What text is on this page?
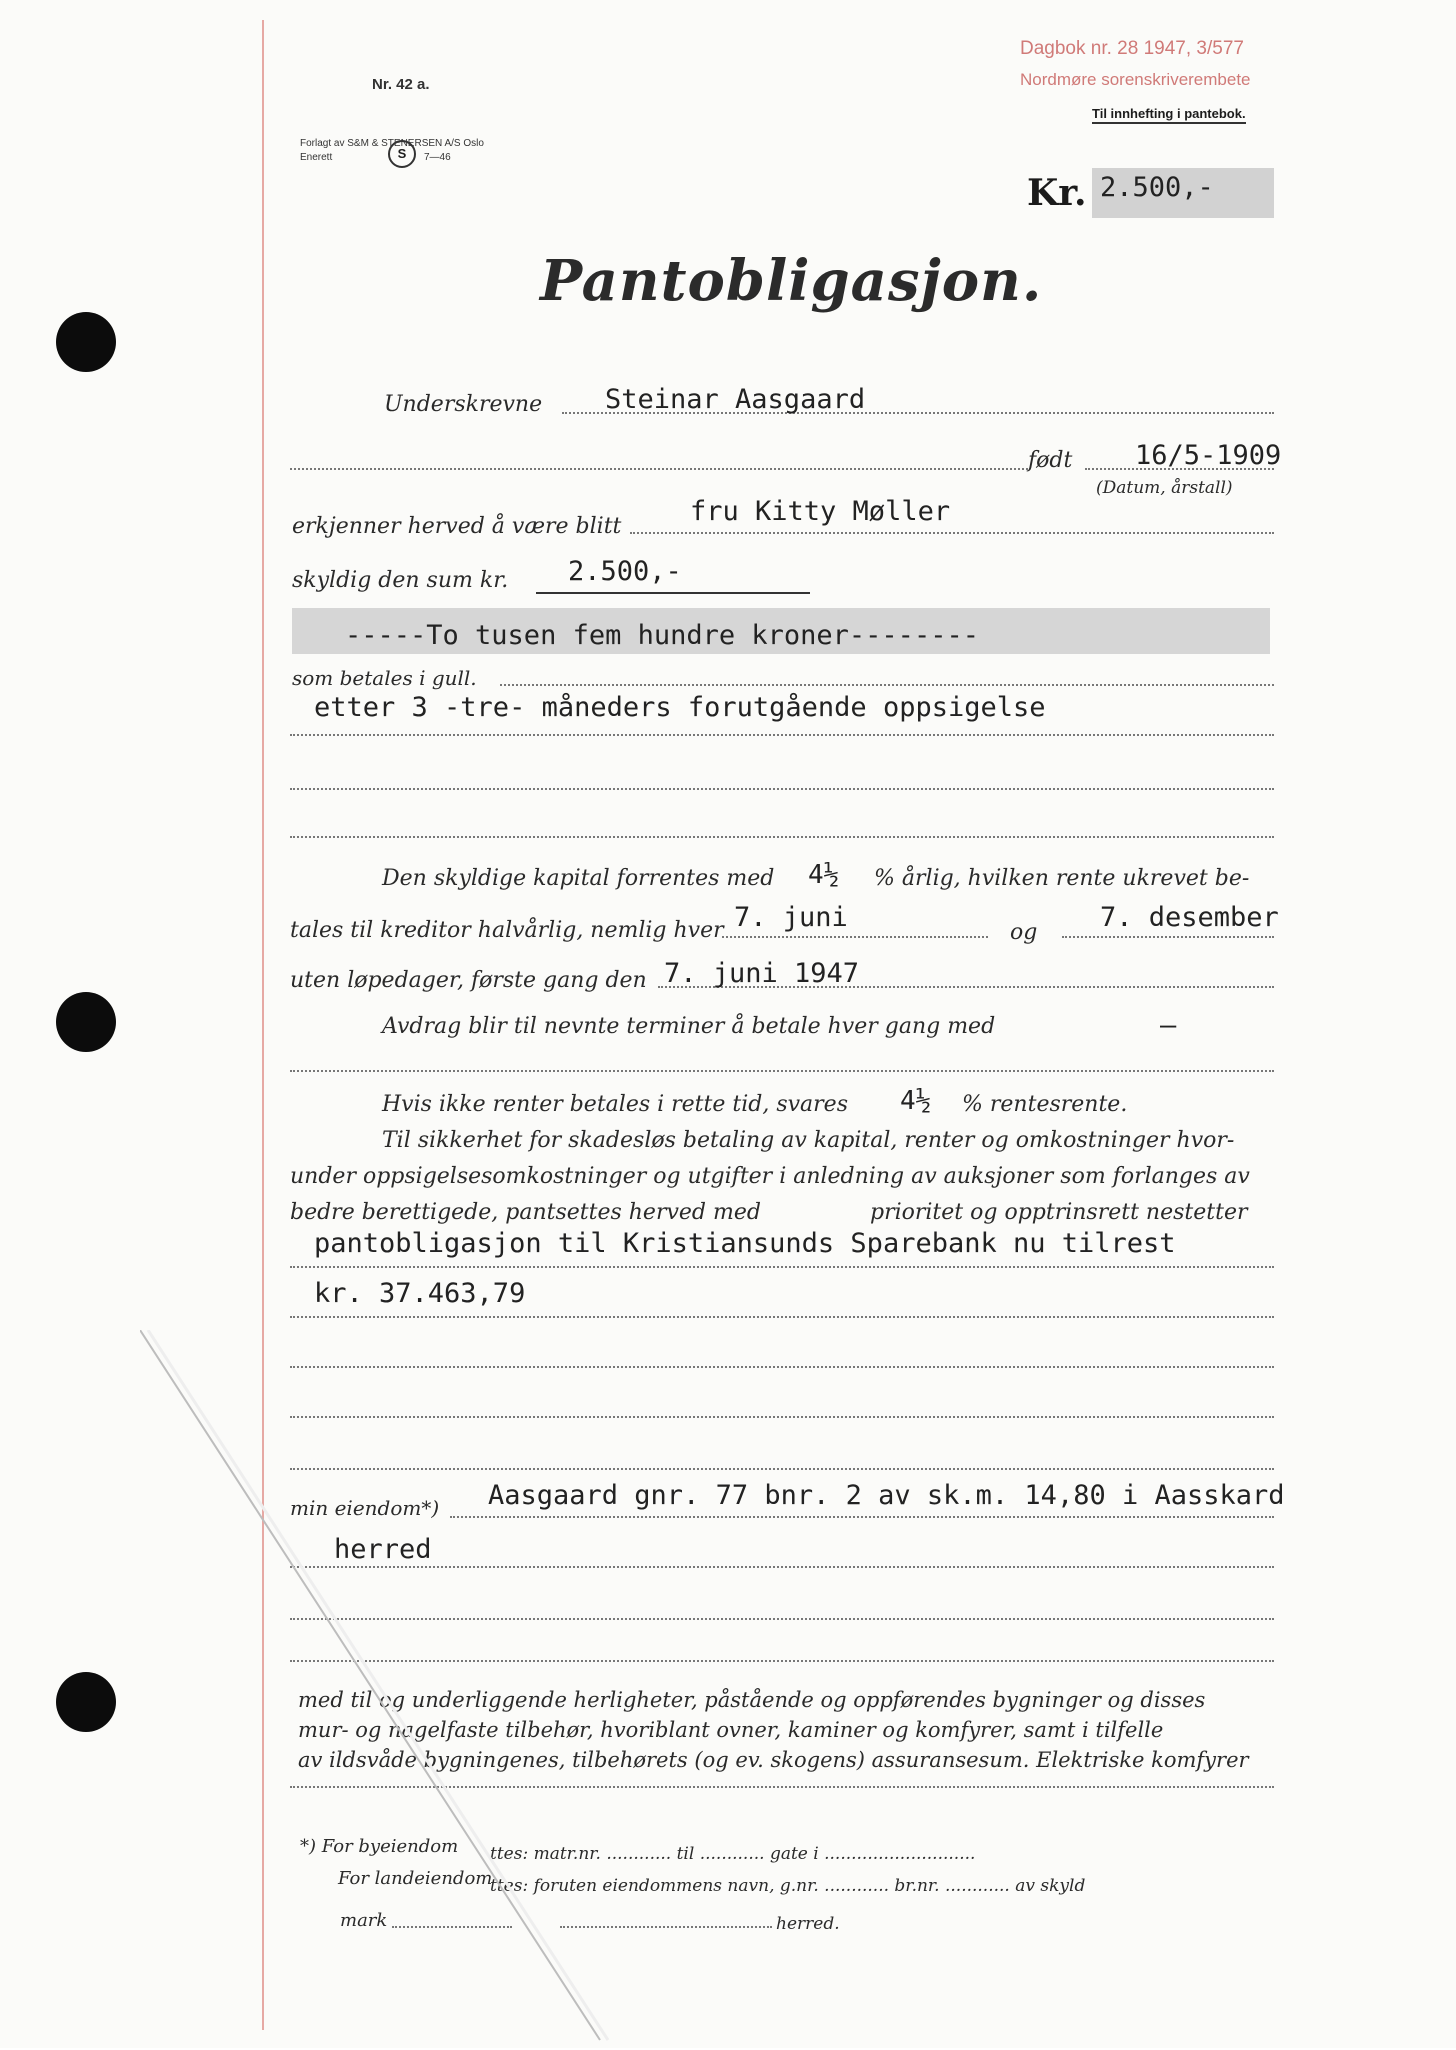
Nr. 42 a.
Forlagt av S&M & STENERSEN A/S Oslo
Enerett	S	7—46
Dagbok nr. 28 1947, 3/577
Nordmøre sorenskriverembete
Til innhefting i pantebok.
Kr. 2.500,-
Pantobligasjon.
Underskrevne Steinar Aasgaard
født 16/5-1909
(Datum, årstall)
erkjenner herved å være blitt	fru Kitty Møller
skyldig den sum kr. 2.500,-
-----To tusen fem hundre kroner--------
som betales i gull.
etter 3 -tre- måneders forutgående oppsigelse
Den skyldige kapital forrentes med 4½ % årlig, hvilken rente ukrevet be-
tales til kreditor halvårlig, nemlig hver 7. juni	og 7. desember
uten løpedager, første gang den 7. juni 1947
Avdrag blir til nevnte terminer å betale hver gang med	—
Hvis ikke renter betales i rette tid, svares 4½ % rentesrente.
Til sikkerhet for skadesløs betaling av kapital, renter og omkostninger hvor-
under oppsigelsesomkostninger og utgifter i anledning av auksjoner som forlanges av
bedre berettigede, pantsettes herved med	prioritet og opptrinsrett nestetter
pantobligasjon til Kristiansunds Sparebank nu tilrest
kr. 37.463,79
min eiendom*) Aasgaard gnr. 77 bnr. 2 av sk.m. 14,80 i Aasskard
herred
med til og underliggende herligheter, påstående og oppførendes bygninger og disses
mur- og nagelfaste tilbehør, hvoriblant ovner, kaminer og komfyrer, samt i tilfelle
av ildsvåde bygningenes, tilbehørets (og ev. skogens) assuransesum. Elektriske komfyrer
*) For byeiendom ttes: matr.nr. ............ til ............ gate i ............................
For landeiendom
ttes: foruten eiendommens navn, g.nr. ............ br.nr. ............ av skyld
mark	herred.
